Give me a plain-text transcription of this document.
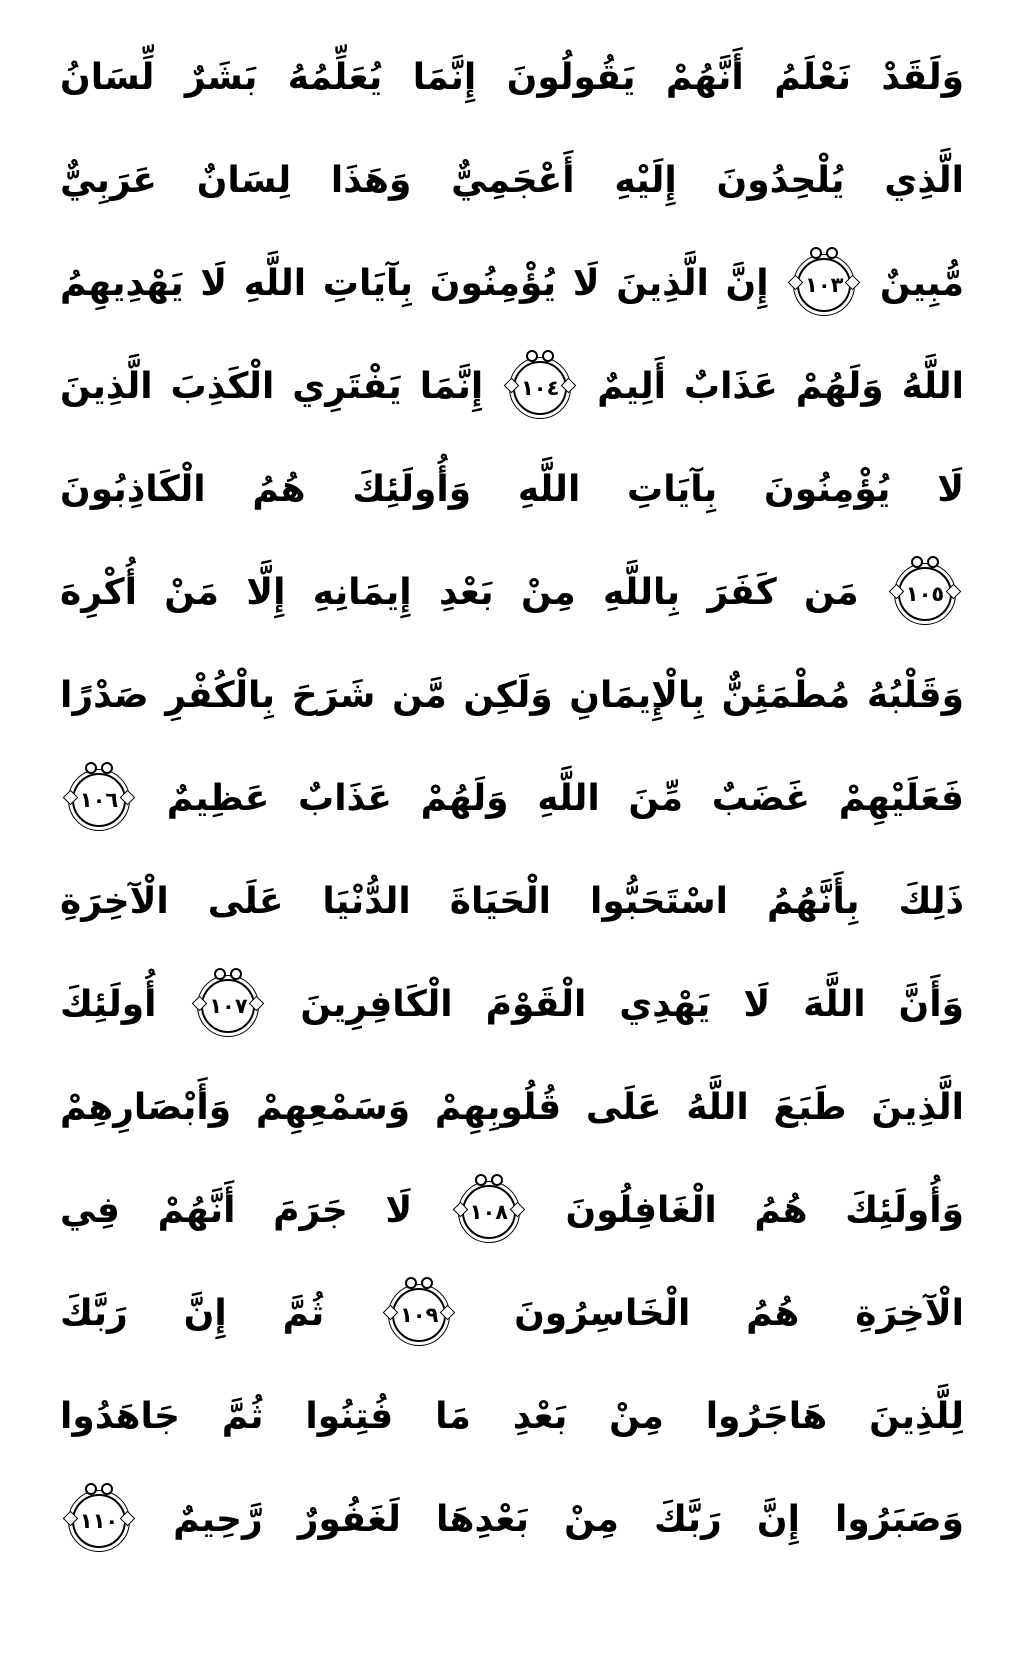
وَلَقَدْ نَعْلَمُ أَنَّهُمْ يَقُولُونَ إِنَّمَا يُعَلِّمُهُ بَشَرٌ لِّسَانُ
الَّذِي يُلْحِدُونَ إِلَيْهِ أَعْجَمِيٌّ وَهَذَا لِسَانٌ عَرَبِيٌّ
مُّبِينٌ
١٠٣
إِنَّ الَّذِينَ لَا يُؤْمِنُونَ بِآيَاتِ اللَّهِ لَا يَهْدِيهِمُ
اللَّهُ وَلَهُمْ عَذَابٌ أَلِيمٌ
١٠٤
إِنَّمَا يَفْتَرِي الْكَذِبَ الَّذِينَ
لَا يُؤْمِنُونَ بِآيَاتِ اللَّهِ وَأُولَئِكَ هُمُ الْكَاذِبُونَ
١٠٥
مَن كَفَرَ بِاللَّهِ مِنْ بَعْدِ إِيمَانِهِ إِلَّا مَنْ أُكْرِهَ
وَقَلْبُهُ مُطْمَئِنٌّ بِالْإِيمَانِ وَلَكِن مَّن شَرَحَ بِالْكُفْرِ صَدْرًا
فَعَلَيْهِمْ غَضَبٌ مِّنَ اللَّهِ وَلَهُمْ عَذَابٌ عَظِيمٌ
١٠٦
ذَلِكَ بِأَنَّهُمُ اسْتَحَبُّوا الْحَيَاةَ الدُّنْيَا عَلَى الْآخِرَةِ
وَأَنَّ اللَّهَ لَا يَهْدِي الْقَوْمَ الْكَافِرِينَ
١٠٧
أُولَئِكَ
الَّذِينَ طَبَعَ اللَّهُ عَلَى قُلُوبِهِمْ وَسَمْعِهِمْ وَأَبْصَارِهِمْ
وَأُولَئِكَ هُمُ الْغَافِلُونَ
١٠٨
لَا جَرَمَ أَنَّهُمْ فِي
الْآخِرَةِ هُمُ الْخَاسِرُونَ
١٠٩
ثُمَّ إِنَّ رَبَّكَ
لِلَّذِينَ هَاجَرُوا مِنْ بَعْدِ مَا فُتِنُوا ثُمَّ جَاهَدُوا
وَصَبَرُوا إِنَّ رَبَّكَ مِنْ بَعْدِهَا لَغَفُورٌ رَّحِيمٌ
١١٠
